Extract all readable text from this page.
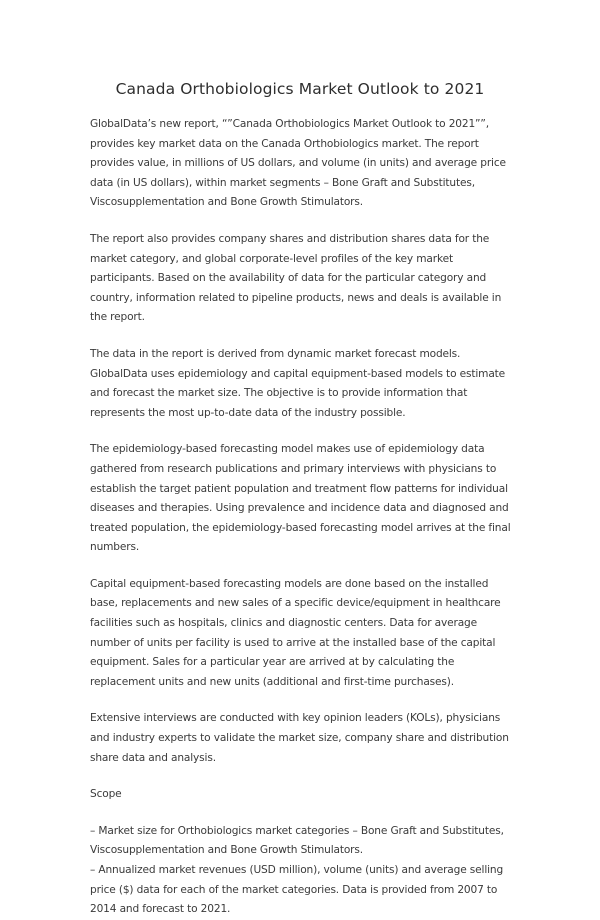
Canada Orthobiologics Market Outlook to 2021

GlobalData’s new report, “”Canada Orthobiologics Market Outlook to 2021””, provides key market data on the Canada Orthobiologics market. The report provides value, in millions of US dollars, and volume (in units) and average price data (in US dollars), within market segments – Bone Graft and Substitutes, Viscosupplementation and Bone Growth Stimulators.

The report also provides company shares and distribution shares data for the market category, and global corporate-level profiles of the key market participants. Based on the availability of data for the particular category and country, information related to pipeline products, news and deals is available in the report.

The data in the report is derived from dynamic market forecast models. GlobalData uses epidemiology and capital equipment-based models to estimate and forecast the market size. The objective is to provide information that represents the most up-to-date data of the industry possible.

The epidemiology-based forecasting model makes use of epidemiology data gathered from research publications and primary interviews with physicians to establish the target patient population and treatment flow patterns for individual diseases and therapies. Using prevalence and incidence data and diagnosed and treated population, the epidemiology-based forecasting model arrives at the final numbers.

Capital equipment-based forecasting models are done based on the installed base, replacements and new sales of a specific device/equipment in healthcare facilities such as hospitals, clinics and diagnostic centers. Data for average number of units per facility is used to arrive at the installed base of the capital equipment. Sales for a particular year are arrived at by calculating the replacement units and new units (additional and first-time purchases).

Extensive interviews are conducted with key opinion leaders (KOLs), physicians and industry experts to validate the market size, company share and distribution share data and analysis.

Scope

– Market size for Orthobiologics market categories – Bone Graft and Substitutes, Viscosupplementation and Bone Growth Stimulators.

– Annualized market revenues (USD million), volume (units) and average selling price ($) data for each of the market categories. Data is provided from 2007 to 2014 and forecast to 2021.
